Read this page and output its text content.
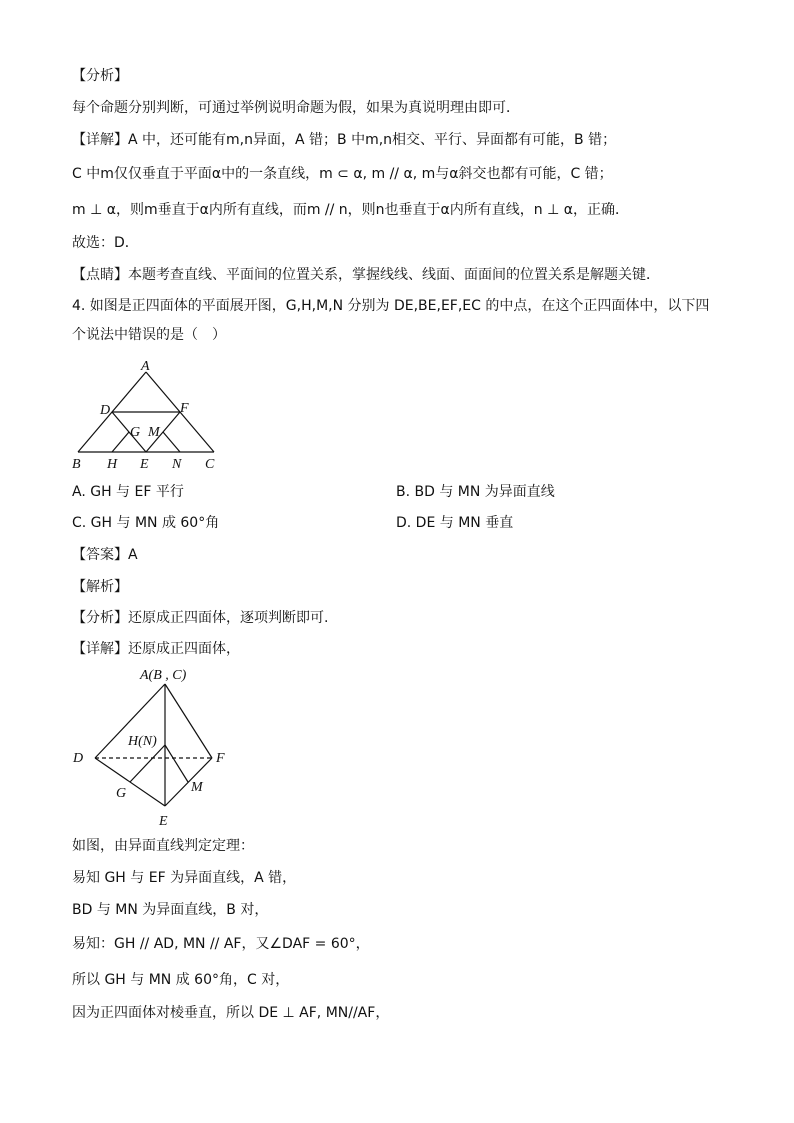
【分析】
每个命题分别判断，可通过举例说明命题为假，如果为真说明理由即可．
【详解】A 中，还可能有m,n异面，A 错；B 中m,n相交、平行、异面都有可能，B 错；
C 中m仅仅垂直于平面α中的一条直线，m ⊂ α, m // α, m与α斜交也都有可能，C 错；
m ⊥ α，则m垂直于α内所有直线，而m // n，则n也垂直于α内所有直线，n ⊥ α，正确．
故选：D．
【点睛】本题考查直线、平面间的位置关系，掌握线线、线面、面面间的位置关系是解题关键．
4. 如图是正四面体的平面展开图，G,H,M,N 分别为 DE,BE,EF,EC 的中点，在这个正四面体中，以下四
个说法中错误的是（　）
A
D	F
G M
B H E N C
A. GH 与 EF 平行	B. BD 与 MN 为异面直线
C. GH 与 MN 成 60°角	D. DE 与 MN 垂直
【答案】A
【解析】
【分析】还原成正四面体，逐项判断即可.
【详解】还原成正四面体，
A(B , C)
H(N)
D	F
G	M
E
如图，由异面直线判定定理：
易知 GH 与 EF 为异面直线，A 错，
BD 与 MN 为异面直线，B 对，
易知：GH // AD, MN // AF，又∠DAF = 60°，
所以 GH 与 MN 成 60°角，C 对，
因为正四面体对棱垂直，所以 DE ⊥ AF, MN//AF，
